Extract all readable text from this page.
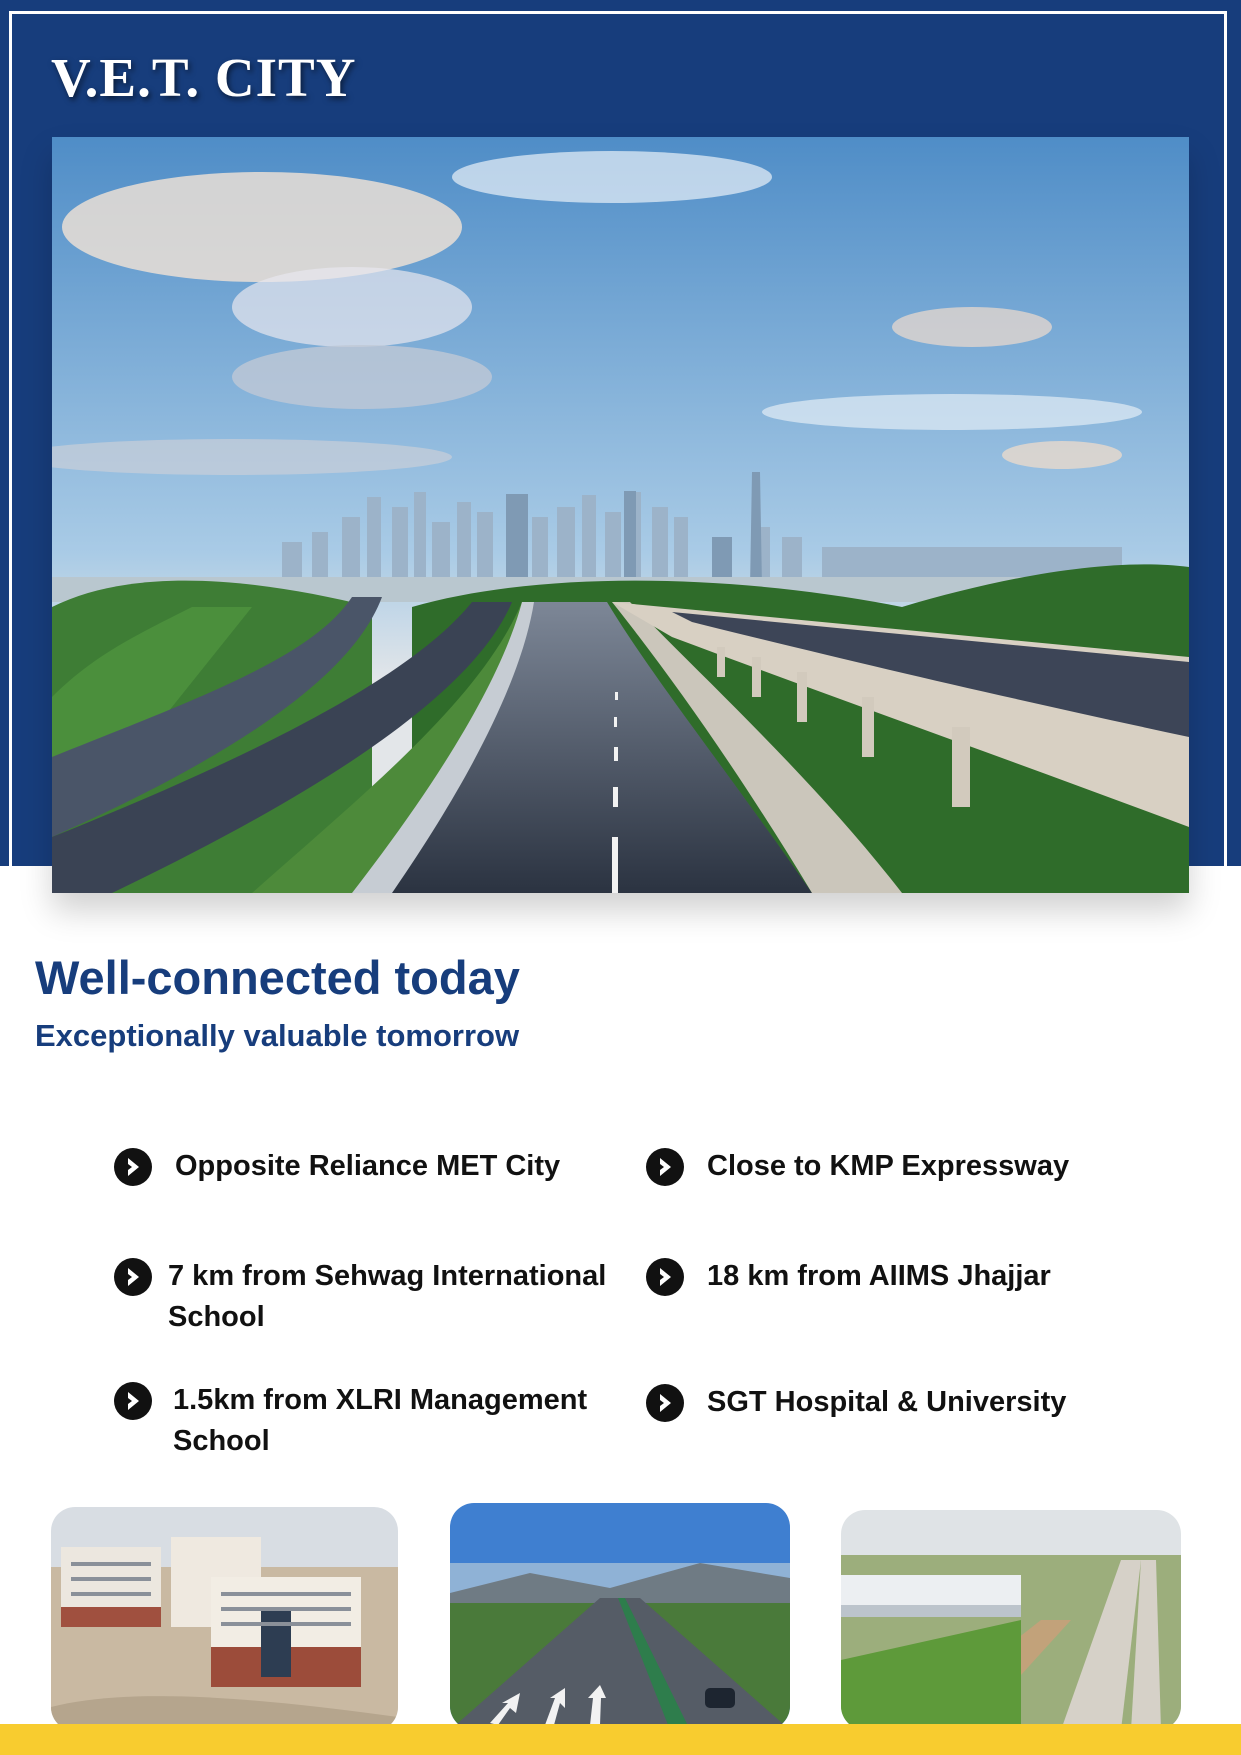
V.E.T. CITY
Well-connected today
Exceptionally valuable tomorrow
Opposite Reliance MET City	Close to KMP Expressway
7 km from Sehwag International School
18 km from AIIMS Jhajjar
1.5km from XLRI Management School
SGT Hospital & University
